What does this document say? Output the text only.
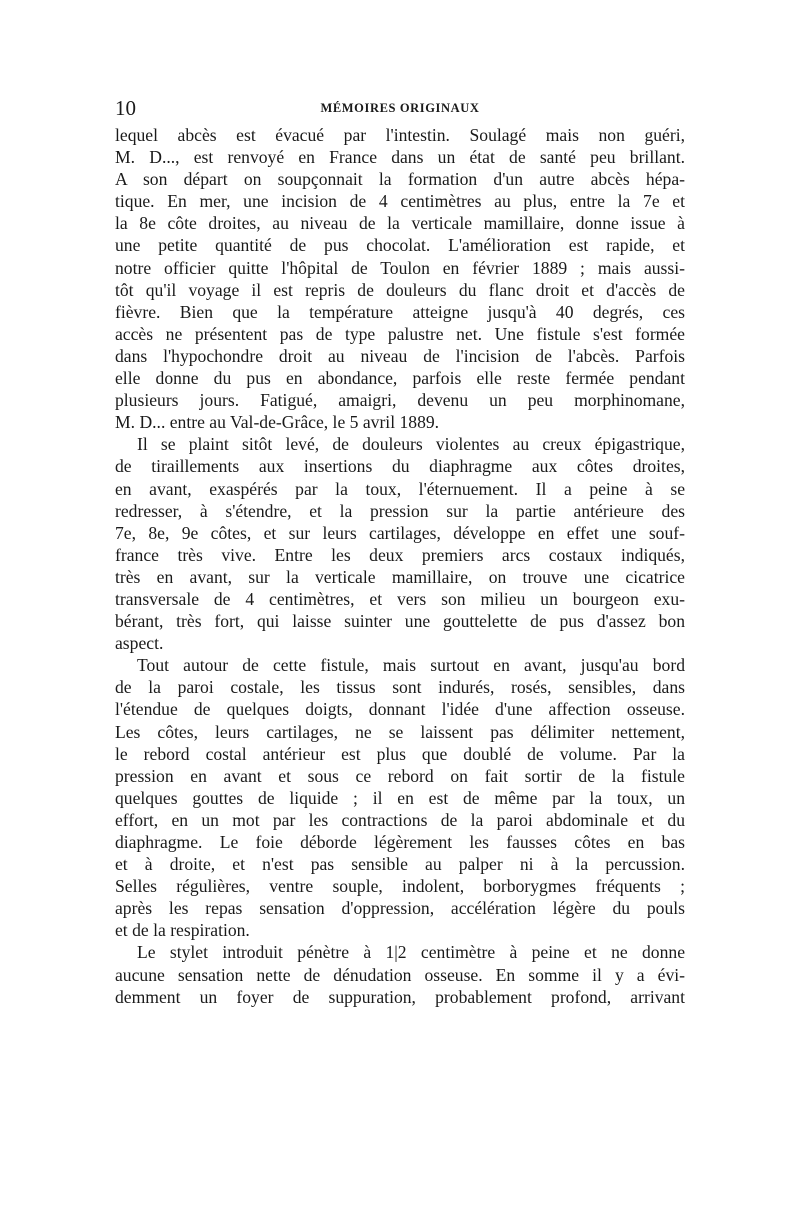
10	MÉMOIRES ORIGINAUX
lequel abcès est évacué par l'intestin. Soulagé mais non guéri,
M. D..., est renvoyé en France dans un état de santé peu brillant.
A son départ on soupçonnait la formation d'un autre abcès hépa-
tique. En mer, une incision de 4 centimètres au plus, entre la 7e et
la 8e côte droites, au niveau de la verticale mamillaire, donne issue à
une petite quantité de pus chocolat. L'amélioration est rapide, et
notre officier quitte l'hôpital de Toulon en février 1889 ; mais aussi-
tôt qu'il voyage il est repris de douleurs du flanc droit et d'accès de
fièvre. Bien que la température atteigne jusqu'à 40 degrés, ces
accès ne présentent pas de type palustre net. Une fistule s'est formée
dans l'hypochondre droit au niveau de l'incision de l'abcès. Parfois
elle donne du pus en abondance, parfois elle reste fermée pendant
plusieurs jours. Fatigué, amaigri, devenu un peu morphinomane,
M. D... entre au Val-de-Grâce, le 5 avril 1889.
Il se plaint sitôt levé, de douleurs violentes au creux épigastrique,
de tiraillements aux insertions du diaphragme aux côtes droites,
en avant, exaspérés par la toux, l'éternuement. Il a peine à se
redresser, à s'étendre, et la pression sur la partie antérieure des
7e, 8e, 9e côtes, et sur leurs cartilages, développe en effet une souf-
france très vive. Entre les deux premiers arcs costaux indiqués,
très en avant, sur la verticale mamillaire, on trouve une cicatrice
transversale de 4 centimètres, et vers son milieu un bourgeon exu-
bérant, très fort, qui laisse suinter une gouttelette de pus d'assez bon
aspect.
Tout autour de cette fistule, mais surtout en avant, jusqu'au bord
de la paroi costale, les tissus sont indurés, rosés, sensibles, dans
l'étendue de quelques doigts, donnant l'idée d'une affection osseuse.
Les côtes, leurs cartilages, ne se laissent pas délimiter nettement,
le rebord costal antérieur est plus que doublé de volume. Par la
pression en avant et sous ce rebord on fait sortir de la fistule
quelques gouttes de liquide ; il en est de même par la toux, un
effort, en un mot par les contractions de la paroi abdominale et du
diaphragme. Le foie déborde légèrement les fausses côtes en bas
et à droite, et n'est pas sensible au palper ni à la percussion.
Selles régulières, ventre souple, indolent, borborygmes fréquents ;
après les repas sensation d'oppression, accélération légère du pouls
et de la respiration.
Le stylet introduit pénètre à 1|2 centimètre à peine et ne donne
aucune sensation nette de dénudation osseuse. En somme il y a évi-
demment un foyer de suppuration, probablement profond, arrivant
